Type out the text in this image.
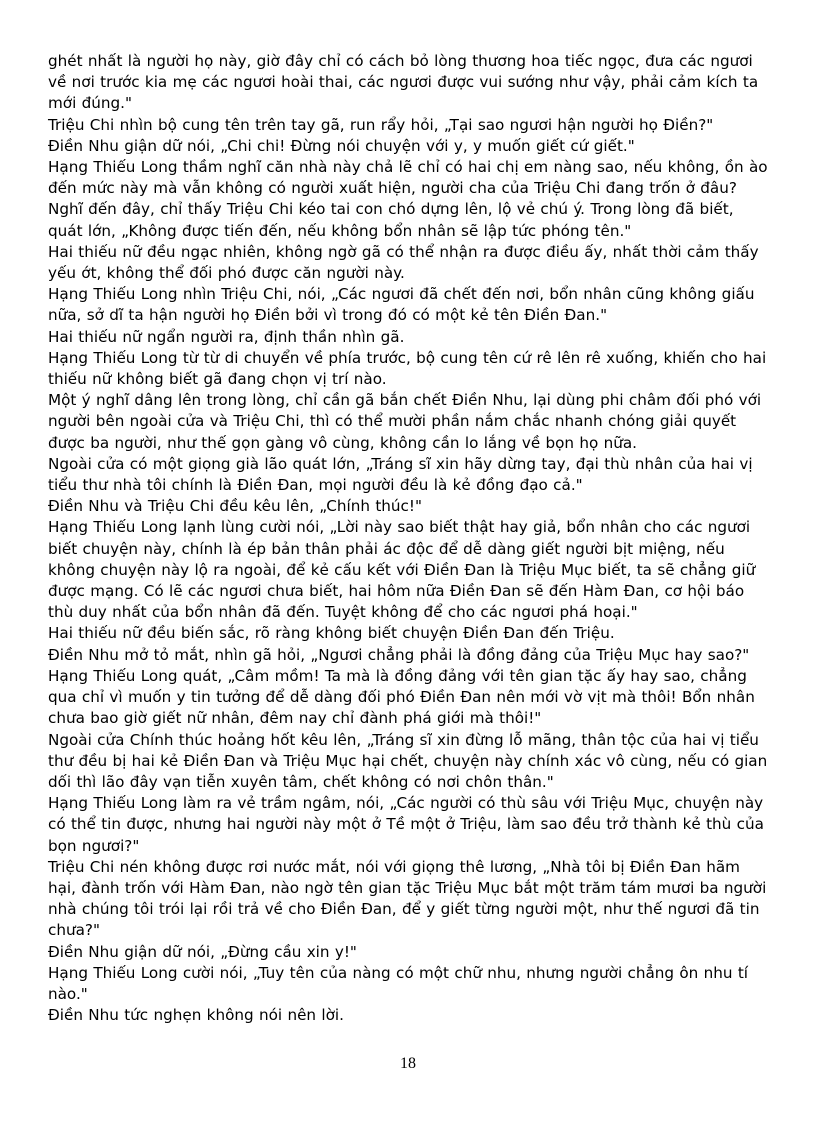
ghét nhất là người họ này, giờ đây chỉ có cách bỏ lòng thương hoa tiếc ngọc, đưa các ngươi về nơi trước kia mẹ các ngươi hoài thai, các ngươi được vui sướng như vậy, phải cảm kích ta mới đúng."

Triệu Chi nhìn bộ cung tên trên tay gã, run rẩy hỏi, „Tại sao ngươi hận người họ Điền?"

Điền Nhu giận dữ nói, „Chi chi! Đừng nói chuyện với y, y muốn giết cứ giết."

Hạng Thiếu Long thầm nghĩ căn nhà này chả lẽ chỉ có hai chị em nàng sao, nếu không, ồn ào đến mức này mà vẫn không có người xuất hiện, người cha của Triệu Chi đang trốn ở đâu? Nghĩ đến đây, chỉ thấy Triệu Chi kéo tai con chó dựng lên, lộ vẻ chú ý. Trong lòng đã biết, quát lớn, „Không được tiến đến, nếu không bổn nhân sẽ lập tức phóng tên."

Hai thiếu nữ đều ngạc nhiên, không ngờ gã có thể nhận ra được điều ấy, nhất thời cảm thấy yếu ớt, không thể đối phó được căn người này.

Hạng Thiếu Long nhìn Triệu Chi, nói, „Các ngươi đã chết đến nơi, bổn nhân cũng không giấu nữa, sở dĩ ta hận người họ Điền bởi vì trong đó có một kẻ tên Điền Đan."

Hai thiếu nữ ngẩn người ra, định thần nhìn gã.

Hạng Thiếu Long từ từ di chuyển về phía trước, bộ cung tên cứ rê lên rê xuống, khiến cho hai thiếu nữ không biết gã đang chọn vị trí nào.

Một ý nghĩ dâng lên trong lòng, chỉ cần gã bắn chết Điền Nhu, lại dùng phi châm đối phó với người bên ngoài cửa và Triệu Chi, thì có thể mười phần nắm chắc nhanh chóng giải quyết được ba người, như thế gọn gàng vô cùng, không cần lo lắng về bọn họ nữa.

Ngoài cửa có một giọng già lão quát lớn, „Tráng sĩ xin hãy dừng tay, đại thù nhân của hai vị tiểu thư nhà tôi chính là Điền Đan, mọi người đều là kẻ đồng đạo cả."

Điền Nhu và Triệu Chi đều kêu lên, „Chính thúc!"

Hạng Thiếu Long lạnh lùng cười nói, „Lời này sao biết thật hay giả, bổn nhân cho các ngươi biết chuyện này, chính là ép bản thân phải ác độc để dễ dàng giết người bịt miệng, nếu không chuyện này lộ ra ngoài, để kẻ cấu kết với Điền Đan là Triệu Mục biết, ta sẽ chẳng giữ được mạng. Có lẽ các ngươi chưa biết, hai hôm nữa Điền Đan sẽ đến Hàm Đan, cơ hội báo thù duy nhất của bổn nhân đã đến. Tuyệt không để cho các ngươi phá hoại."

Hai thiếu nữ đều biến sắc, rõ ràng không biết chuyện Điền Đan đến Triệu.

Điền Nhu mở tỏ mắt, nhìn gã hỏi, „Ngươi chẳng phải là đồng đảng của Triệu Mục hay sao?"

Hạng Thiếu Long quát, „Câm mồm! Ta mà là đồng đảng với tên gian tặc ấy hay sao, chẳng qua chỉ vì muốn y tin tưởng để dễ dàng đối phó Điền Đan nên mới vờ vịt mà thôi! Bổn nhân chưa bao giờ giết nữ nhân, đêm nay chỉ đành phá giới mà thôi!"

Ngoài cửa Chính thúc hoảng hốt kêu lên, „Tráng sĩ xin đừng lỗ mãng, thân tộc của hai vị tiểu thư đều bị hai kẻ Điền Đan và Triệu Mục hại chết, chuyện này chính xác vô cùng, nếu có gian dối thì lão đây vạn tiễn xuyên tâm, chết không có nơi chôn thân."

Hạng Thiếu Long làm ra vẻ trầm ngâm, nói, „Các người có thù sâu với Triệu Mục, chuyện này có thể tin được, nhưng hai người này một ở Tề một ở Triệu, làm sao đều trở thành kẻ thù của bọn ngươi?"

Triệu Chi nén không được rơi nước mắt, nói với giọng thê lương, „Nhà tôi bị Điền Đan hãm hại, đành trốn với Hàm Đan, nào ngờ tên gian tặc Triệu Mục bắt một trăm tám mươi ba người nhà chúng tôi trói lại rồi trả về cho Điền Đan, để y giết từng người một, như thế ngươi đã tin chưa?"

Điền Nhu giận dữ nói, „Đừng cầu xin y!"

Hạng Thiếu Long cười nói, „Tuy tên của nàng có một chữ nhu, nhưng người chẳng ôn nhu tí nào."

Điền Nhu tức nghẹn không nói nên lời.

18
